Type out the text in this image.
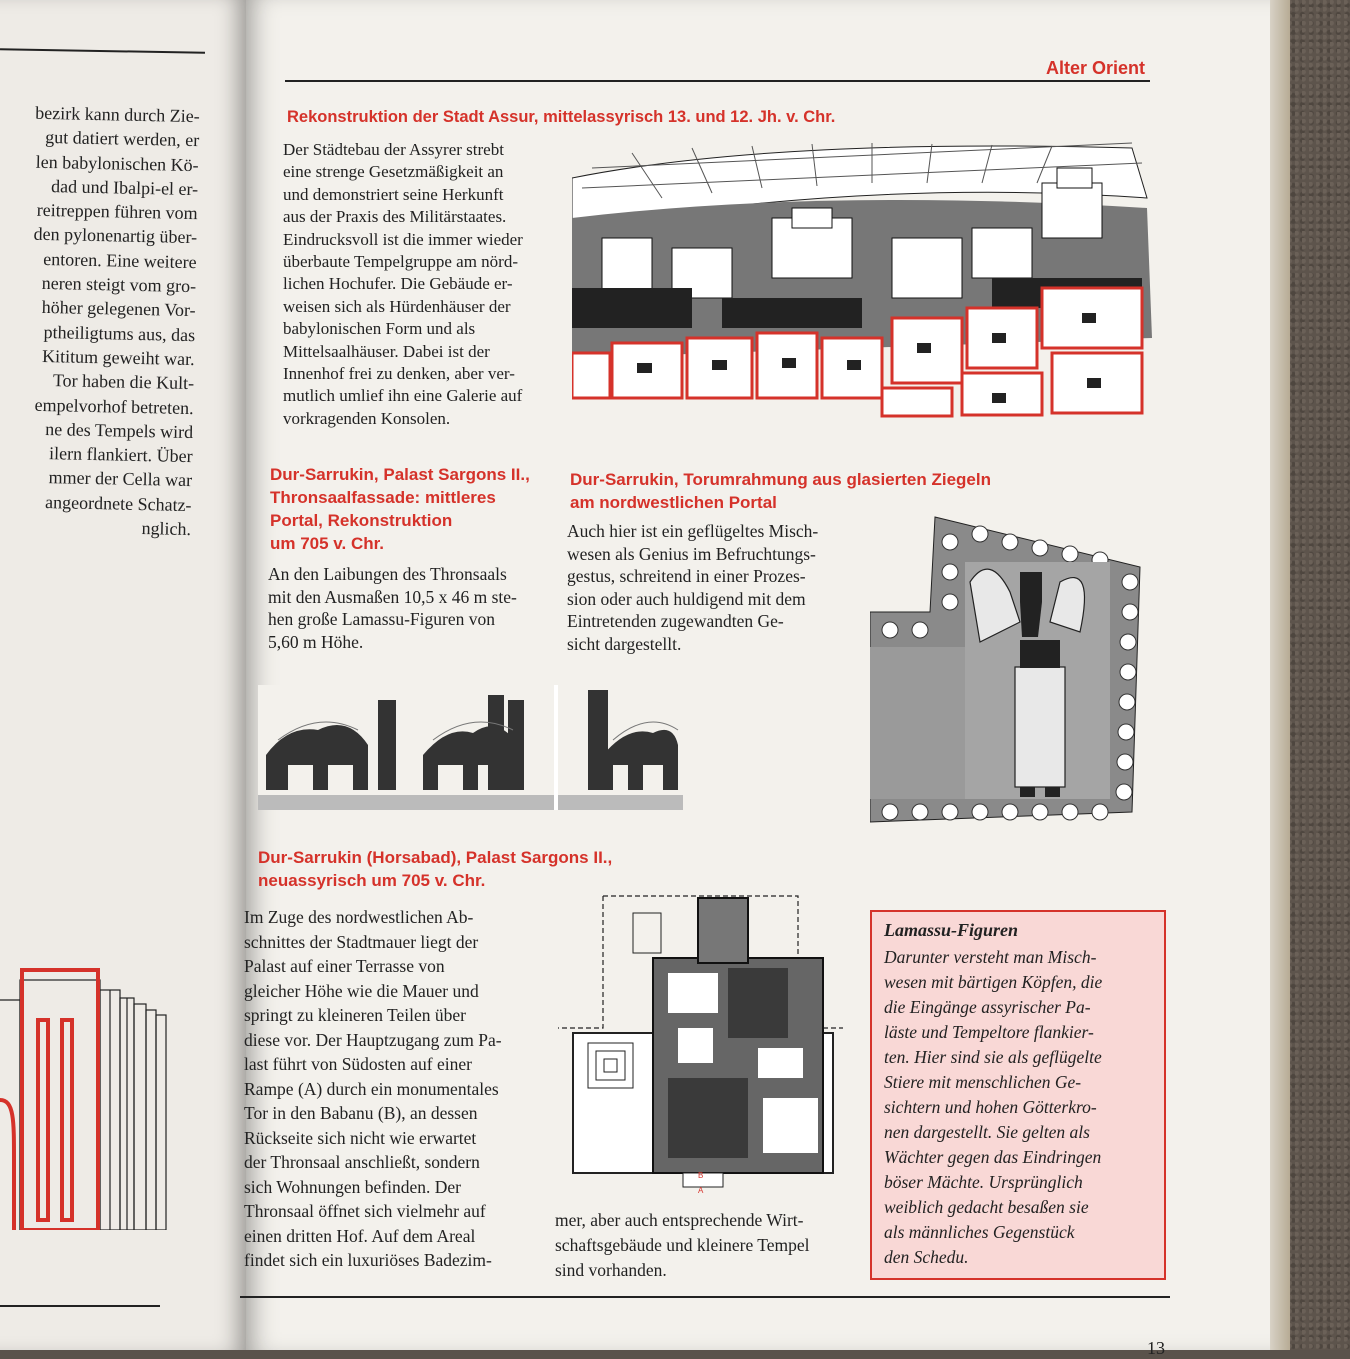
bezirk kann durch Zie-
gut datiert werden, er
len babylonischen Kö-
dad und Ibalpi-el er-
reitreppen führen vom
den pylonenartig über-
entoren. Eine weitere
neren steigt vom gro-
höher gelegenen Vor-
ptheiligtums aus, das
Kititum geweiht war.
Tor haben die Kult-
empelvorhof betreten.
ne des Tempels wird
ilern flankiert. Über
mmer der Cella war
angeordnete Schatz-
nglich.
Alter Orient
Rekonstruktion der Stadt Assur, mittelassyrisch 13. und 12. Jh. v. Chr.
Der Städtebau der Assyrer strebt
eine strenge Gesetzmäßigkeit an
und demonstriert seine Herkunft
aus der Praxis des Militärstaates.
Eindrucksvoll ist die immer wieder
überbaute Tempelgruppe am nörd-
lichen Hochufer. Die Gebäude er-
weisen sich als Hürdenhäuser der
babylonischen Form und als
Mittelsaalhäuser. Dabei ist der
Innenhof frei zu denken, aber ver-
mutlich umlief ihn eine Galerie auf
vorkragenden Konsolen.
Dur-Sarrukin, Palast Sargons II.,
Thronsaalfassade: mittleres
Portal, Rekonstruktion
um 705 v. Chr.
An den Laibungen des Thronsaals
mit den Ausmaßen 10,5 x 46 m ste-
hen große Lamassu-Figuren von
5,60 m Höhe.
Dur-Sarrukin, Torumrahmung aus glasierten Ziegeln
am nordwestlichen Portal
Auch hier ist ein geflügeltes Misch-
wesen als Genius im Befruchtungs-
gestus, schreitend in einer Prozes-
sion oder auch huldigend mit dem
Eintretenden zugewandten Ge-
sicht dargestellt.
Dur-Sarrukin (Horsabad), Palast Sargons II.,
neuassyrisch um 705 v. Chr.
Im Zuge des nordwestlichen Ab-
schnittes der Stadtmauer liegt der
Palast auf einer Terrasse von
gleicher Höhe wie die Mauer und
springt zu kleineren Teilen über
diese vor. Der Hauptzugang zum Pa-
last führt von Südosten auf einer
Rampe (A) durch ein monumentales
Tor in den Babanu (B), an dessen
Rückseite sich nicht wie erwartet
der Thronsaal anschließt, sondern
sich Wohnungen befinden. Der
Thronsaal öffnet sich vielmehr auf
einen dritten Hof. Auf dem Areal
findet sich ein luxuriöses Badezim-
mer, aber auch entsprechende Wirt-
schaftsgebäude und kleinere Tempel
sind vorhanden.
B
A
Lamassu-Figuren
Darunter versteht man Misch-
wesen mit bärtigen Köpfen, die
die Eingänge assyrischer Pa-
läste und Tempeltore flankier-
ten. Hier sind sie als geflügelte
Stiere mit menschlichen Ge-
sichtern und hohen Götterkro-
nen dargestellt. Sie gelten als
Wächter gegen das Eindringen
böser Mächte. Ursprünglich
weiblich gedacht besaßen sie
als männliches Gegenstück
den Schedu.
13
